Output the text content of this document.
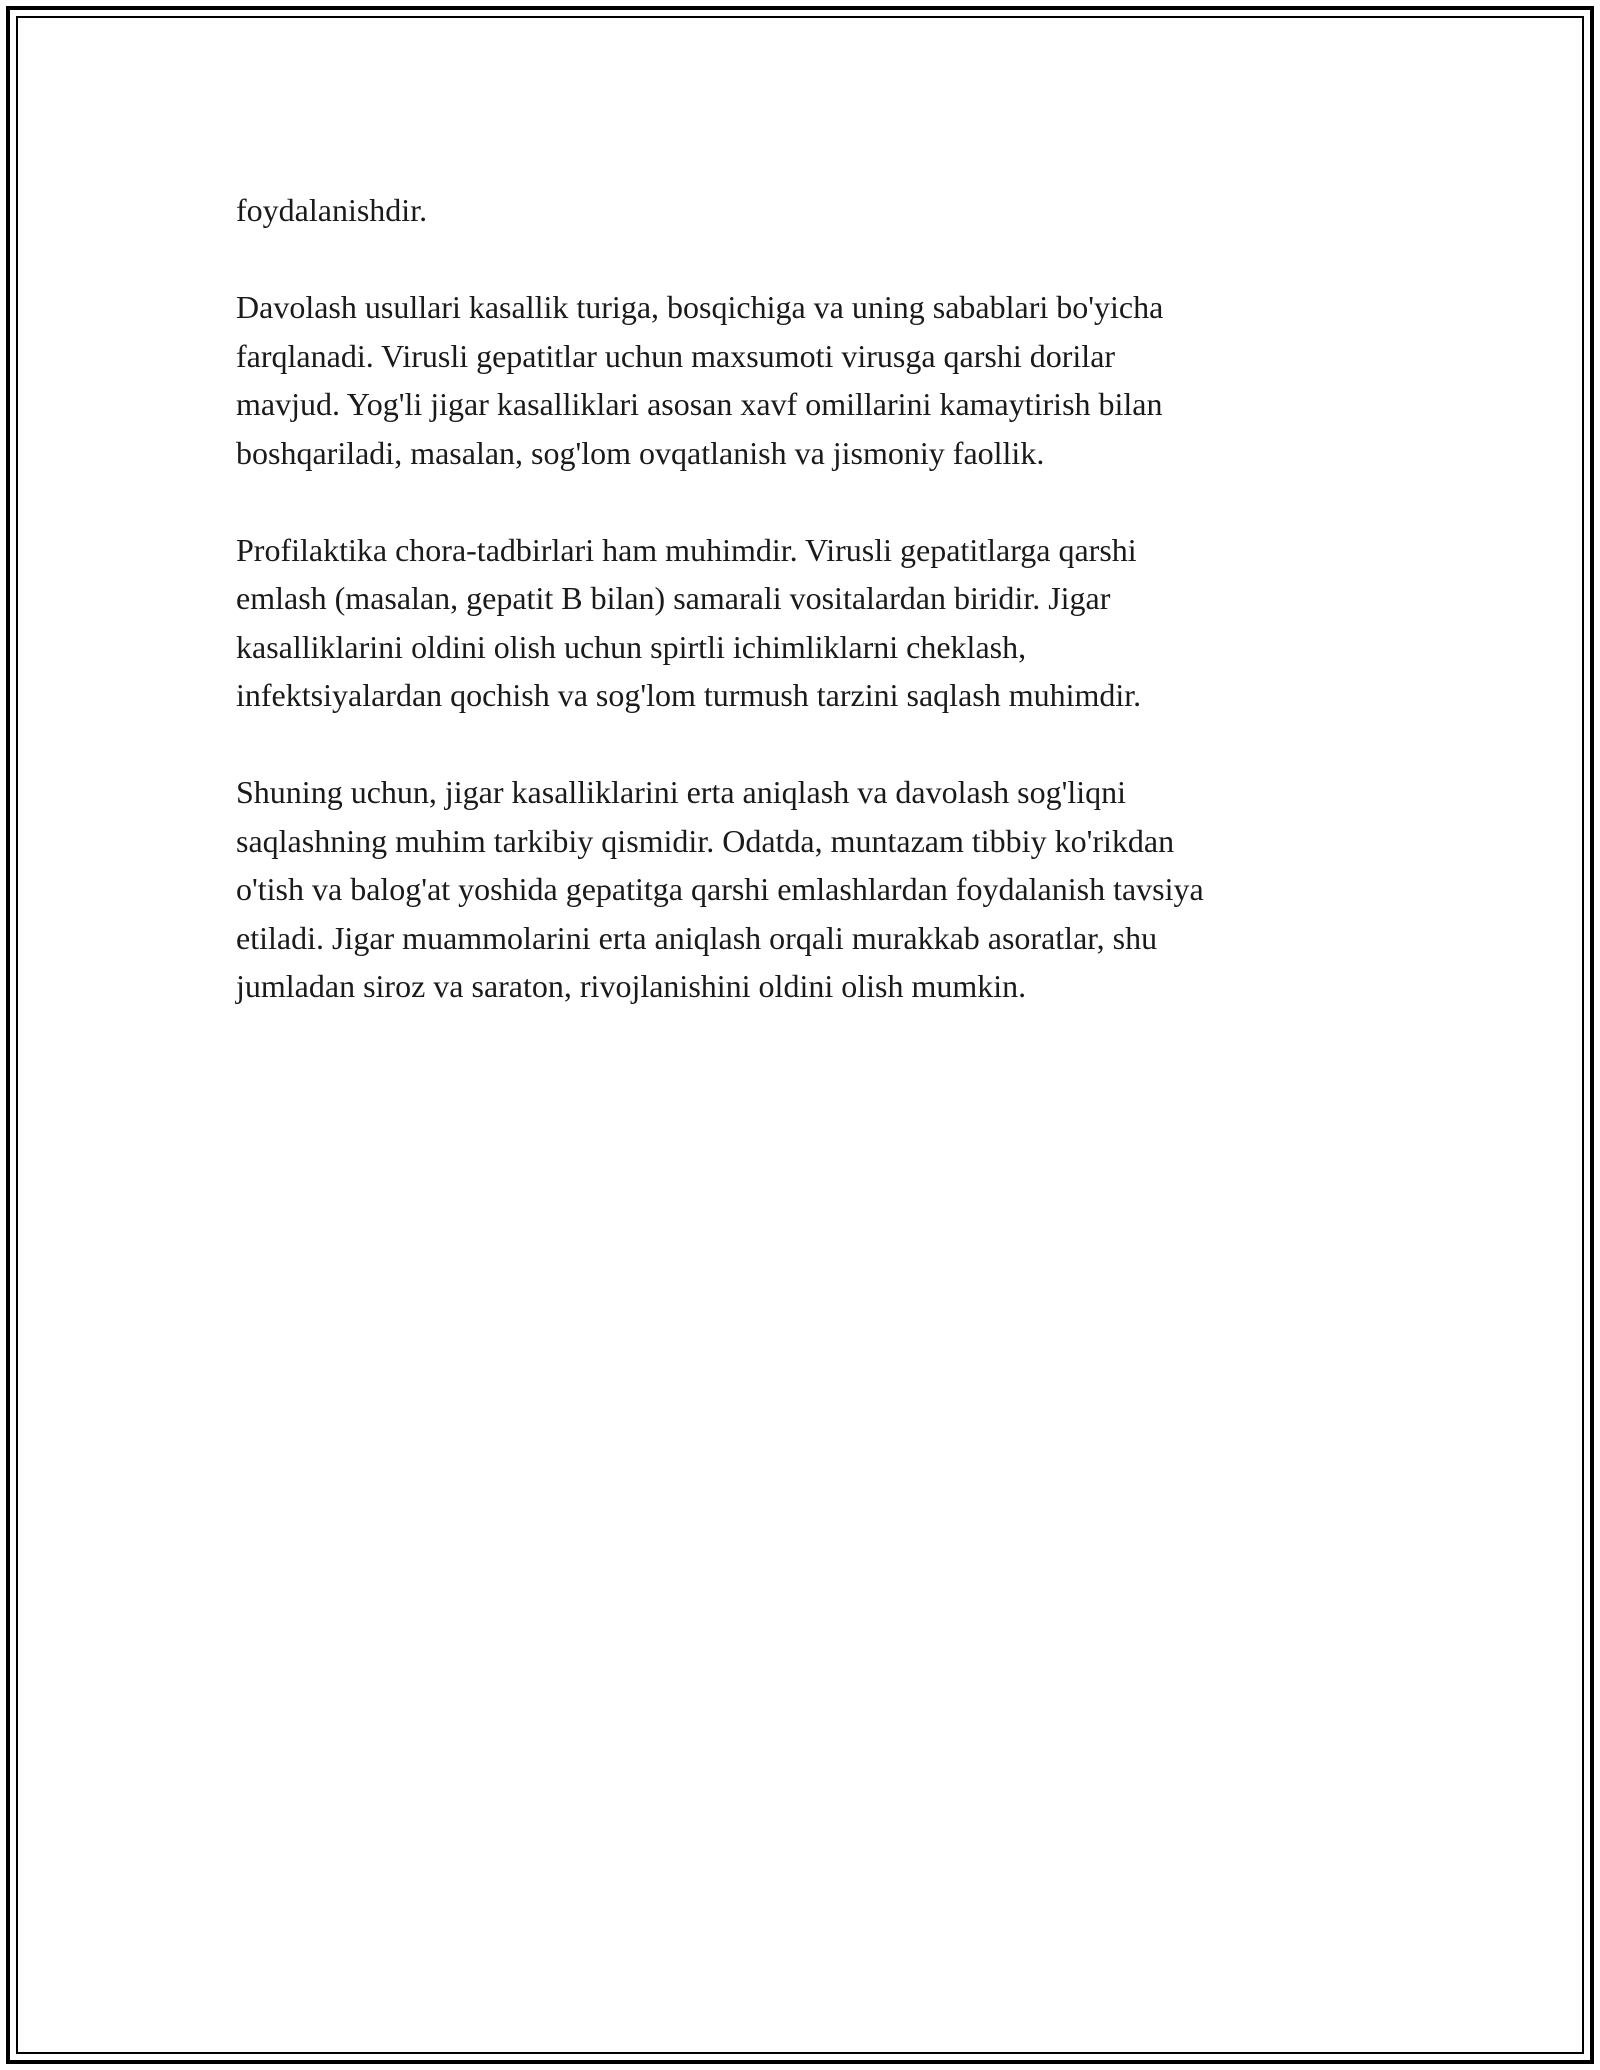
foydalanishdir.

Davolash usullari kasallik turiga, bosqichiga va uning sabablari bo'yicha
farqlanadi. Virusli gepatitlar uchun maxsumoti virusga qarshi dorilar
mavjud. Yog'li jigar kasalliklari asosan xavf omillarini kamaytirish bilan
boshqariladi, masalan, sog'lom ovqatlanish va jismoniy faollik.

Profilaktika chora-tadbirlari ham muhimdir. Virusli gepatitlarga qarshi
emlash (masalan, gepatit B bilan) samarali vositalardan biridir. Jigar
kasalliklarini oldini olish uchun spirtli ichimliklarni cheklash,
infektsiyalardan qochish va sog'lom turmush tarzini saqlash muhimdir.

Shuning uchun, jigar kasalliklarini erta aniqlash va davolash sog'liqni
saqlashning muhim tarkibiy qismidir. Odatda, muntazam tibbiy ko'rikdan
o'tish va balog'at yoshida gepatitga qarshi emlashlardan foydalanish tavsiya
etiladi. Jigar muammolarini erta aniqlash orqali murakkab asoratlar, shu
jumladan siroz va saraton, rivojlanishini oldini olish mumkin.
